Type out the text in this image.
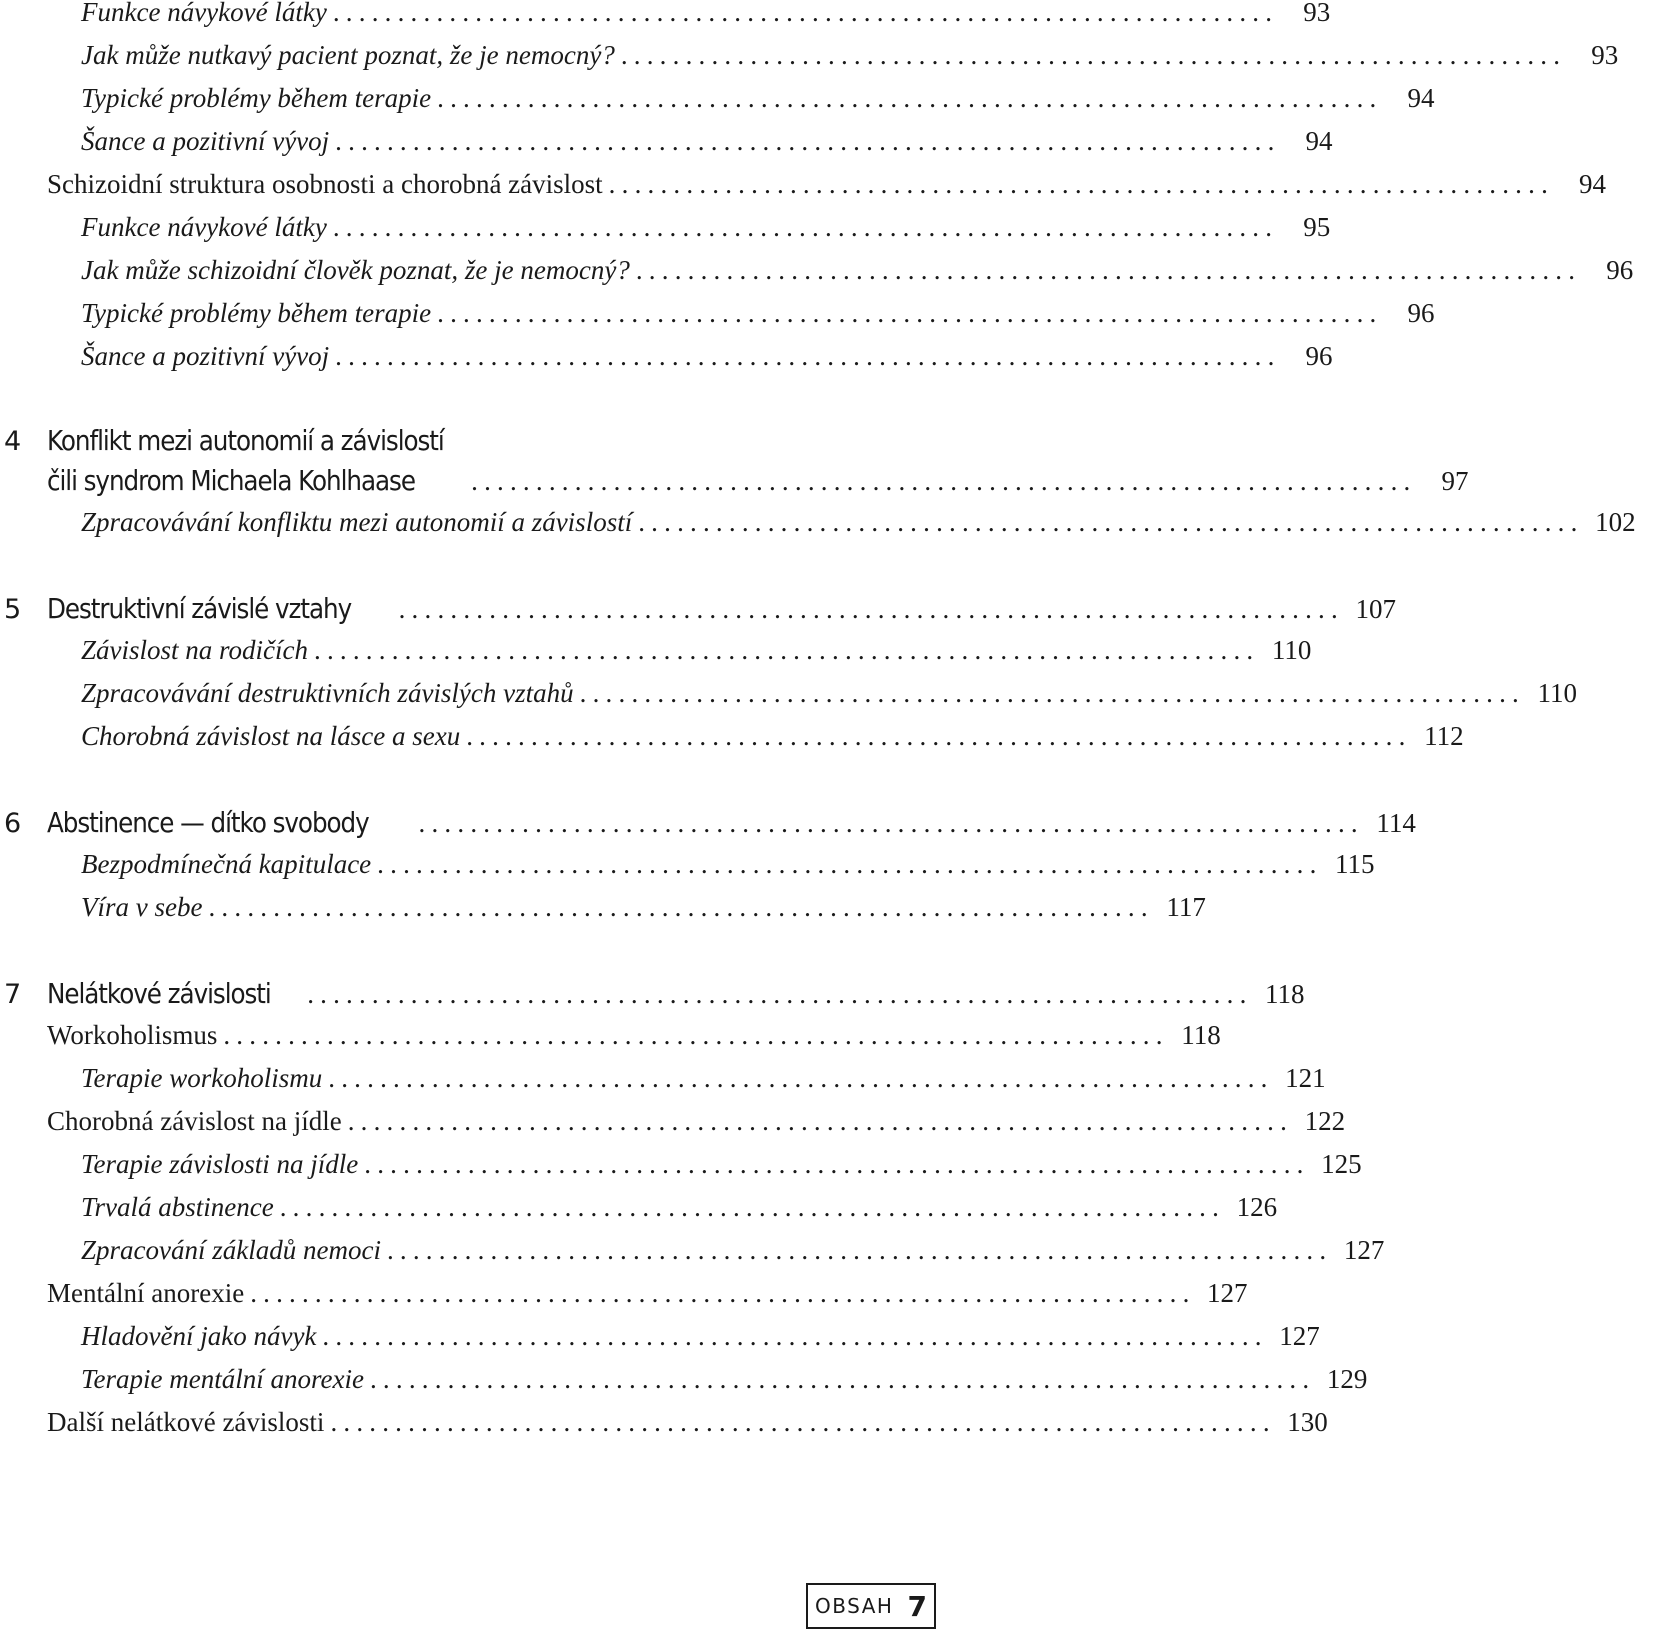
Funkce návykové látky ......................................................................... 93
Jak může nutkavý pacient poznat, že je nemocný? ......................................................................... 93
Typické problémy během terapie ......................................................................... 94
Šance a pozitivní vývoj ......................................................................... 94
Schizoidní struktura osobnosti a chorobná závislost ......................................................................... 94
Funkce návykové látky ......................................................................... 95
Jak může schizoidní člověk poznat, že je nemocný? ......................................................................... 96
Typické problémy během terapie ......................................................................... 96
Šance a pozitivní vývoj ......................................................................... 96
4 Konflikt mezi autonomií a závislostí
čili syndrom Michaela Kohlhaase ......................................................................... 97
Zpracovávání konfliktu mezi autonomií a závislostí ......................................................................... 102
5 Destruktivní závislé vztahy ......................................................................... 107
Závislost na rodičích ......................................................................... 110
Zpracovávání destruktivních závislých vztahů ......................................................................... 110
Chorobná závislost na lásce a sexu ......................................................................... 112
6 Abstinence — dítko svobody ......................................................................... 114
Bezpodmínečná kapitulace ......................................................................... 115
Víra v sebe ......................................................................... 117
7 Nelátkové závislosti ......................................................................... 118
Workoholismus ......................................................................... 118
Terapie workoholismu ......................................................................... 121
Chorobná závislost na jídle ......................................................................... 122
Terapie závislosti na jídle ......................................................................... 125
Trvalá abstinence ......................................................................... 126
Zpracování základů nemoci ......................................................................... 127
Mentální anorexie ......................................................................... 127
Hladovění jako návyk ......................................................................... 127
Terapie mentální anorexie ......................................................................... 129
Další nelátkové závislosti ......................................................................... 130
OBSAH 7
